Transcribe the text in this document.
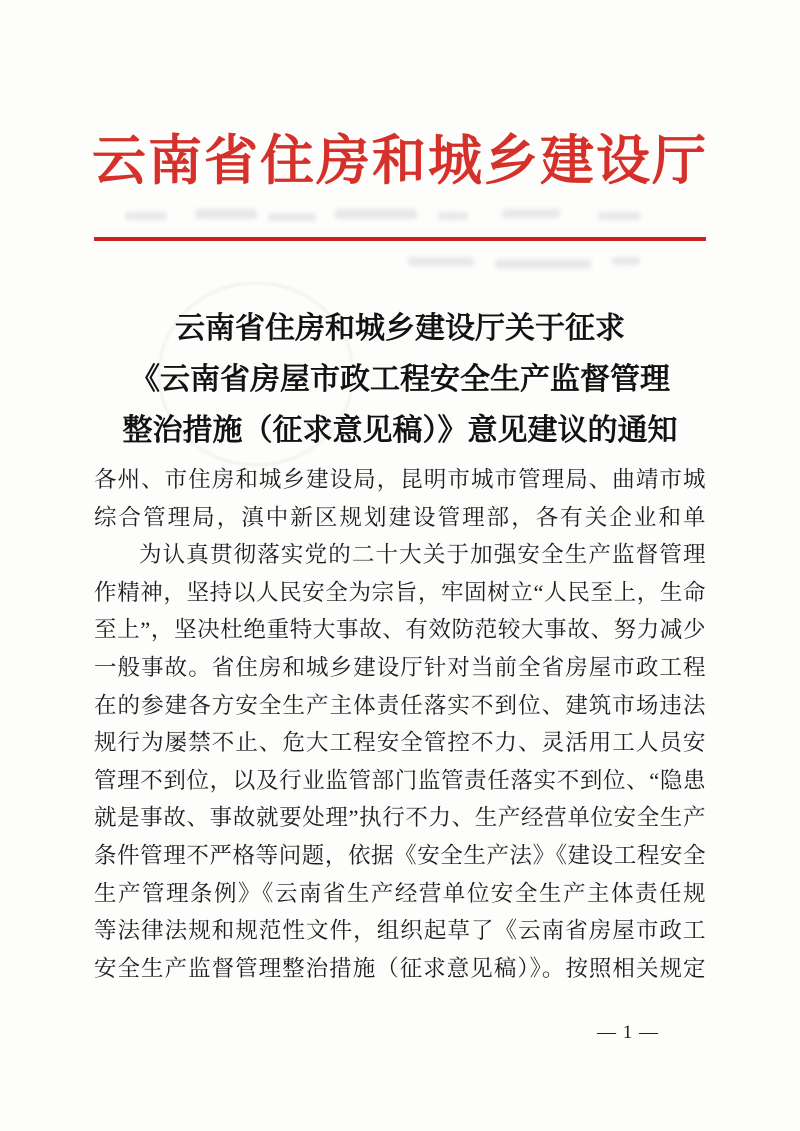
云南省住房和城乡建设厅
云南省住房和城乡建设厅关于征求
《云南省房屋市政工程安全生产监督管理
整治措施（征求意见稿）》意见建议的通知
各州、市住房和城乡建设局，昆明市城市管理局、曲靖市城
综合管理局，滇中新区规划建设管理部，各有关企业和单
为认真贯彻落实党的二十大关于加强安全生产监督管理
作精神，坚持以人民安全为宗旨，牢固树立“人民至上，生命
至上”，坚决杜绝重特大事故、有效防范较大事故、努力减少
一般事故。省住房和城乡建设厅针对当前全省房屋市政工程
在的参建各方安全生产主体责任落实不到位、建筑市场违法
规行为屡禁不止、危大工程安全管控不力、灵活用工人员安
管理不到位，以及行业监管部门监管责任落实不到位、“隐患
就是事故、事故就要处理”执行不力、生产经营单位安全生产
条件管理不严格等问题，依据《安全生产法》《建设工程安全
生产管理条例》《云南省生产经营单位安全生产主体责任规
等法律法规和规范性文件，组织起草了《云南省房屋市政工
安全生产监督管理整治措施（征求意见稿）》。按照相关规定
— 1 —
